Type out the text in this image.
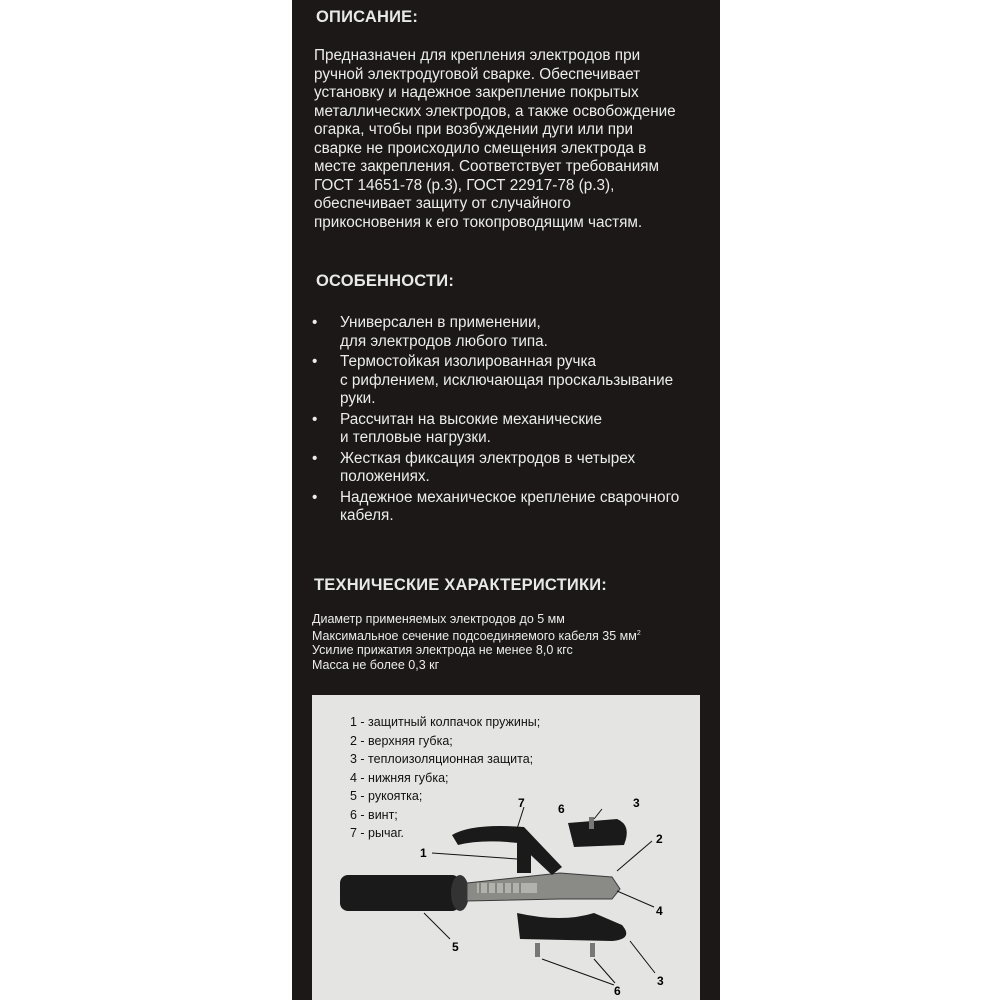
ОПИСАНИЕ:
Предназначен для крепления электродов при
ручной электродуговой сварке. Обеспечивает
установку и надежное закрепление покрытых
металлических электродов, а также освобождение
огарка, чтобы при возбуждении дуги или при
сварке не происходило смещения электрода в
месте закрепления. Соответствует требованиям
ГОСТ 14651-78 (р.3), ГОСТ 22917-78 (р.3),
обеспечивает защиту от случайного
прикосновения к его токопроводящим частям.
ОСОБЕННОСТИ:
• Универсален в применении,
для электродов любого типа.
• Термостойкая изолированная ручка
с рифлением, исключающая проскальзывание
руки.
• Рассчитан на высокие механические
и тепловые нагрузки.
• Жесткая фиксация электродов в четырех
положениях.
• Надежное механическое крепление сварочного
кабеля.
ТЕХНИЧЕСКИЕ ХАРАКТЕРИСТИКИ:
Диаметр применяемых электродов до 5 мм
Максимальное сечение подсоединяемого кабеля 35 $мм^2$
Усилие прижатия электрода не менее 8,0 кгс
Масса не более 0,3 кг
1 - защитный колпачок пружины;
2 - верхняя губка;
3 - теплоизоляционная защита;
4 - нижняя губка;
5 - рукоятка;
6 - винт;
7 - рычаг.
7
1
2
3
4
5
6
3
6
